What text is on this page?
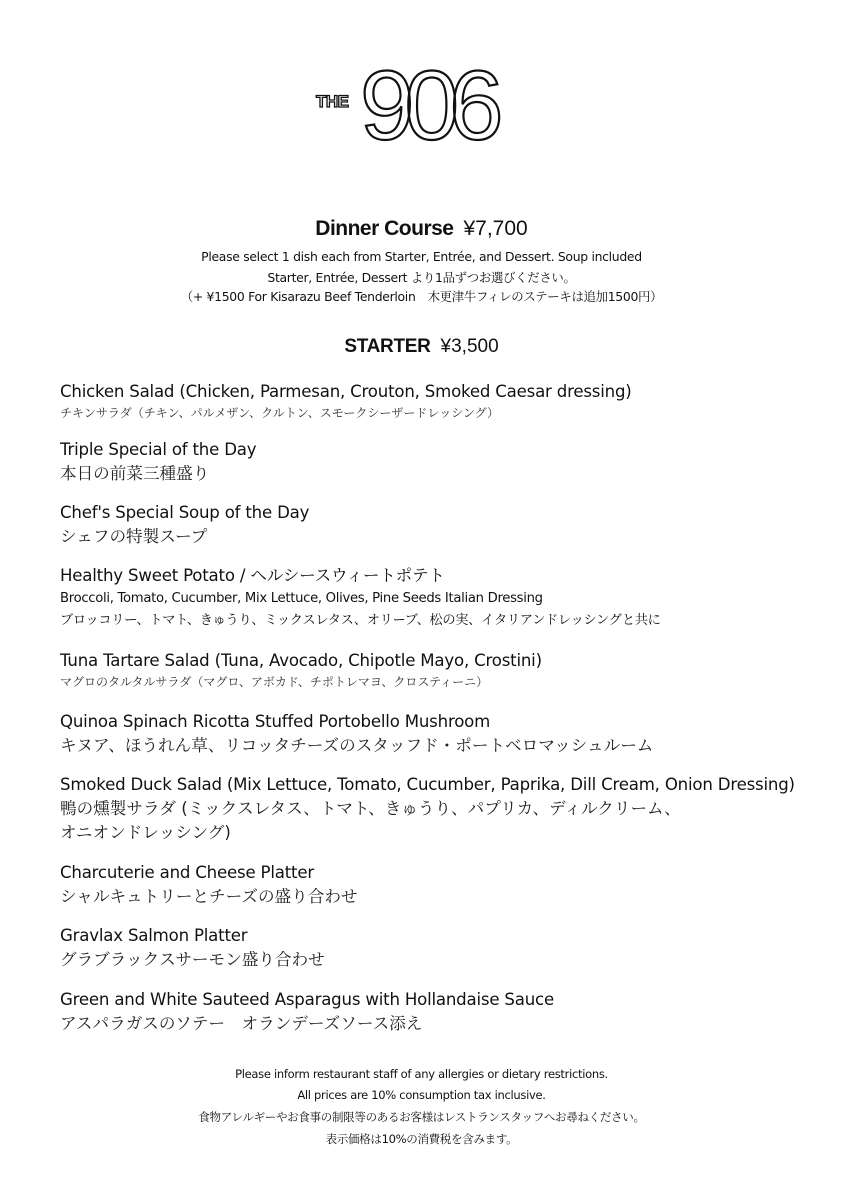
THE 906
Dinner Course ¥7,700
Please select 1 dish each from Starter, Entrée, and Dessert. Soup included
Starter, Entrée, Dessert より1品ずつお選びください。
（+ ¥1500 For Kisarazu Beef Tenderloin　木更津牛フィレのステーキは追加1500円）
STARTER ¥3,500
Chicken Salad (Chicken, Parmesan, Crouton, Smoked Caesar dressing)
チキンサラダ（チキン、パルメザン、クルトン、スモークシーザードレッシング）
Triple Special of the Day
本日の前菜三種盛り
Chef's Special Soup of the Day
シェフの特製スープ
Healthy Sweet Potato / ヘルシースウィートポテト
Broccoli, Tomato, Cucumber, Mix Lettuce, Olives, Pine Seeds Italian Dressing
ブロッコリー、トマト、きゅうり、ミックスレタス、オリーブ、松の実、イタリアンドレッシングと共に
Tuna Tartare Salad (Tuna, Avocado, Chipotle Mayo, Crostini)
マグロのタルタルサラダ（マグロ、アボカド、チポトレマヨ、クロスティーニ）
Quinoa Spinach Ricotta Stuffed Portobello Mushroom
キヌア、ほうれん草、リコッタチーズのスタッフド・ポートベロマッシュルーム
Smoked Duck Salad (Mix Lettuce, Tomato, Cucumber, Paprika, Dill Cream, Onion Dressing)
鴨の燻製サラダ (ミックスレタス、トマト、きゅうり、パプリカ、ディルクリーム、
オニオンドレッシング)
Charcuterie and Cheese Platter
シャルキュトリーとチーズの盛り合わせ
Gravlax Salmon Platter
グラブラックスサーモン盛り合わせ
Green and White Sauteed Asparagus with Hollandaise Sauce
アスパラガスのソテー　オランデーズソース添え
Please inform restaurant staff of any allergies or dietary restrictions.
All prices are 10% consumption tax inclusive.
食物アレルギーやお食事の制限等のあるお客様はレストランスタッフへお尋ねください。
表示価格は10%の消費税を含みます。
